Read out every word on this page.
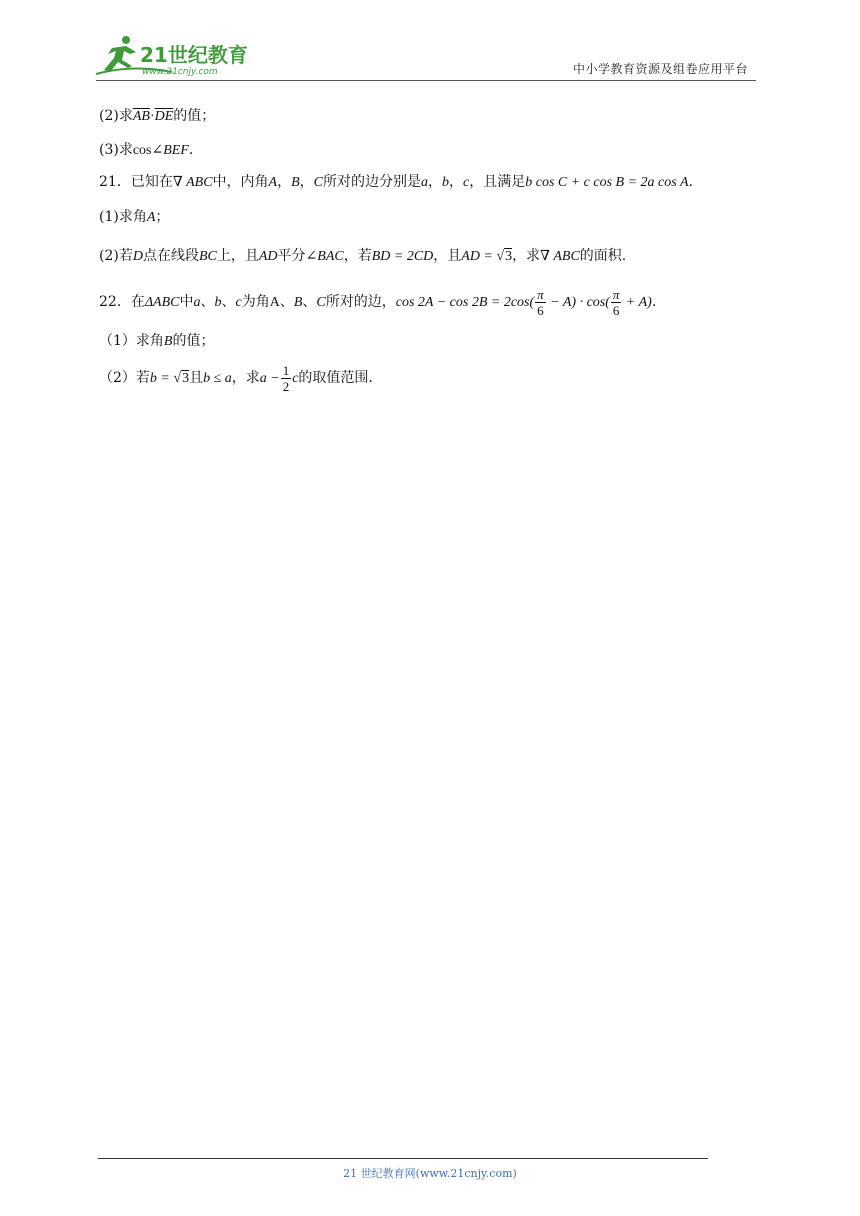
21世纪教育
www.21cnjy.com	中小学教育资源及组卷应用平台
(2)求$\overline{AB}\cdot\overline{DE}$的值；
(3)求cos∠BEF.
21．已知在∇ ABC中，内角A，B，C所对的边分别是a，b，c，且满足b cos C + c cos B = 2a cos A.
(1)求角A；
(2)若D点在线段BC上，且AD平分∠BAC，若BD = 2CD，且AD = √3，求∇ ABC的面积.
22．在ΔABC中a、b、c为角A、B、C所对的边，$\cos 2A - \cos 2B = 2\cos( \frac{\pi}{6} - A) \cdot \cos( \frac{\pi}{6} + A)$.
（1）求角B的值；
（2）若b = √3且b ≤ a，求$a - \frac{1}{2}$ c的取值范围.
21 世纪教育网(www.21cnjy.com)
